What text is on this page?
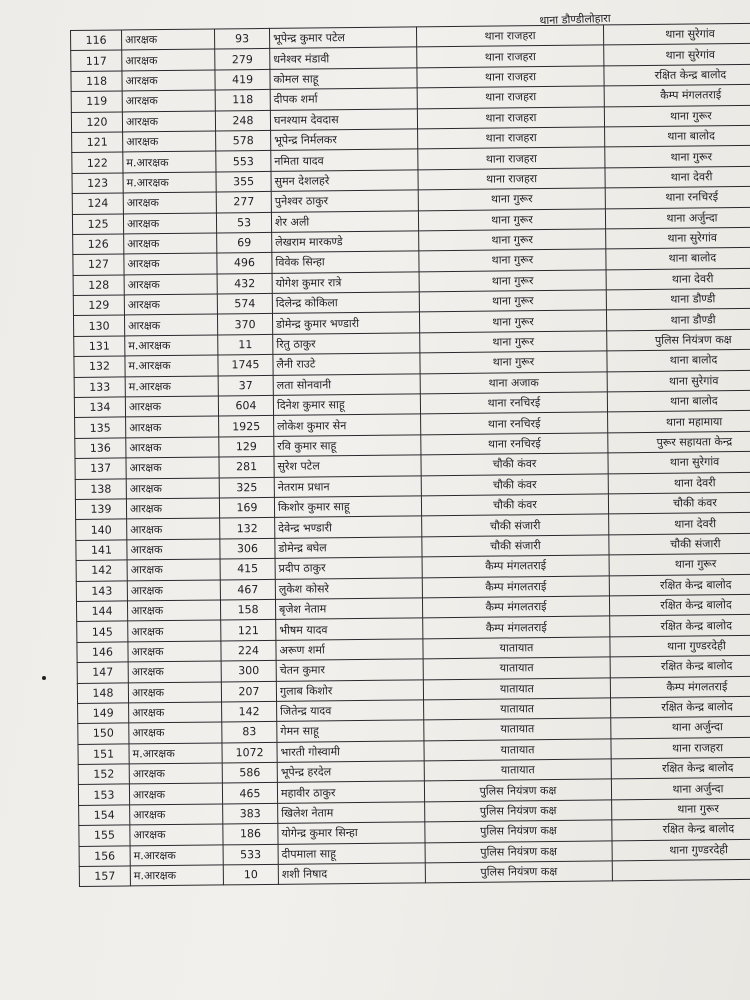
थाना डौण्डीलोहारा
116	आरक्षक	93	भूपेन्द्र कुमार पटेल	थाना राजहरा	थाना सुरेगांव
117	आरक्षक	279	धनेश्वर मंडावी	थाना राजहरा	थाना सुरेगांव
118	आरक्षक	419	कोमल साहू	थाना राजहरा	रक्षित केन्द्र बालोद
119	आरक्षक	118	दीपक शर्मा	थाना राजहरा	कैम्प मंगलतराई
120	आरक्षक	248	घनश्याम देवदास	थाना राजहरा	थाना गुरूर
121	आरक्षक	578	भूपेन्द्र निर्मलकर	थाना राजहरा	थाना बालोद
122	म.आरक्षक	553	नमिता यादव	थाना राजहरा	थाना गुरूर
123	म.आरक्षक	355	सुमन देशलहरे	थाना राजहरा	थाना देवरी
124	आरक्षक	277	पुनेश्वर ठाकुर	थाना गुरूर	थाना रनचिरई
125	आरक्षक	53	शेर अली	थाना गुरूर	थाना अर्जुन्दा
126	आरक्षक	69	लेखराम मारकण्डे	थाना गुरूर	थाना सुरेगांव
127	आरक्षक	496	विवेक सिन्हा	थाना गुरूर	थाना बालोद
128	आरक्षक	432	योगेश कुमार रात्रे	थाना गुरूर	थाना देवरी
129	आरक्षक	574	दिलेन्द्र कोकिला	थाना गुरूर	थाना डौण्डी
130	आरक्षक	370	डोमेन्द्र कुमार भण्डारी	थाना गुरूर	थाना डौण्डी
131	म.आरक्षक	11	रितु ठाकुर	थाना गुरूर	पुलिस नियंत्रण कक्ष
132	म.आरक्षक	1745	लैनी राउटे	थाना गुरूर	थाना बालोद
133	म.आरक्षक	37	लता सोनवानी	थाना अजाक	थाना सुरेगांव
134	आरक्षक	604	दिनेश कुमार साहू	थाना रनचिरई	थाना बालोद
135	आरक्षक	1925	लोकेश कुमार सेन	थाना रनचिरई	थाना महामाया
136	आरक्षक	129	रवि कुमार साहू	थाना रनचिरई	पुरूर सहायता केन्द्र
137	आरक्षक	281	सुरेश पटेल	चौकी कंवर	थाना सुरेगांव
138	आरक्षक	325	नेतराम प्रधान	चौकी कंवर	थाना देवरी
139	आरक्षक	169	किशोर कुमार साहू	चौकी कंवर	चौकी कंवर
140	आरक्षक	132	देवेन्द्र भण्डारी	चौकी संजारी	थाना देवरी
141	आरक्षक	306	डोमेन्द्र बघेल	चौकी संजारी	चौकी संजारी
142	आरक्षक	415	प्रदीप ठाकुर	कैम्प मंगलतराई	थाना गुरूर
143	आरक्षक	467	लुकेश कोसरे	कैम्प मंगलतराई	रक्षित केन्द्र बालोद
144	आरक्षक	158	बृजेश नेताम	कैम्प मंगलतराई	रक्षित केन्द्र बालोद
145	आरक्षक	121	भीषम यादव	कैम्प मंगलतराई	रक्षित केन्द्र बालोद
146	आरक्षक	224	अरूण शर्मा	यातायात	थाना गुण्डरदेही
147	आरक्षक	300	चेतन कुमार	यातायात	रक्षित केन्द्र बालोद
148	आरक्षक	207	गुलाब किशोर	यातायात	कैम्प मंगलतराई
149	आरक्षक	142	जितेन्द्र यादव	यातायात	रक्षित केन्द्र बालोद
150	आरक्षक	83	गेमन साहू	यातायात	थाना अर्जुन्दा
151	म.आरक्षक	1072	भारती गोस्वामी	यातायात	थाना राजहरा
152	आरक्षक	586	भूपेन्द्र हरदेल	यातायात	रक्षित केन्द्र बालोद
153	आरक्षक	465	महावीर ठाकुर	पुलिस नियंत्रण कक्ष	थाना अर्जुन्दा
154	आरक्षक	383	खिलेश नेताम	पुलिस नियंत्रण कक्ष	थाना गुरूर
155	आरक्षक	186	योगेन्द्र कुमार सिन्हा	पुलिस नियंत्रण कक्ष	रक्षित केन्द्र बालोद
156	म.आरक्षक	533	दीपमाला साहू	पुलिस नियंत्रण कक्ष	थाना गुण्डरदेही
157	म.आरक्षक	10	शशी निषाद	पुलिस नियंत्रण कक्ष	
